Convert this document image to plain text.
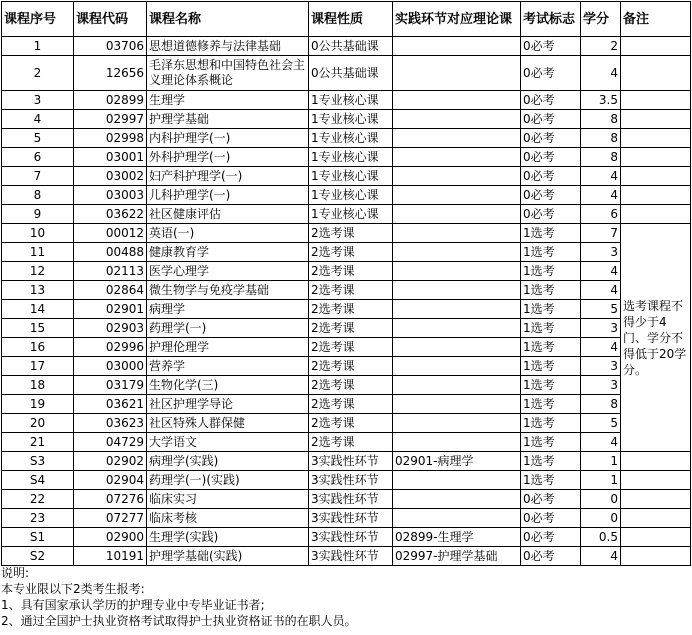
课程序号	课程代码	课程名称	课程性质	实践环节对应理论课	考试标志	学分	备注
1	03706	思想道德修养与法律基础	0公共基础课		0必考	2	
2	12656	毛泽东思想和中国特色社会主义理论体系概论	0公共基础课		0必考	4	
3	02899	生理学	1专业核心课		0必考	3.5	
4	02997	护理学基础	1专业核心课		0必考	8	
5	02998	内科护理学(一)	1专业核心课		0必考	8	
6	03001	外科护理学(一)	1专业核心课		0必考	8	
7	03002	妇产科护理学(一)	1专业核心课		0必考	4	
8	03003	儿科护理学(一)	1专业核心课		0必考	4	
9	03622	社区健康评估	1专业核心课		0必考	6	
10	00012	英语(一)	2选考课		1选考	7	选考课程不得少于4门、学分不得低于20学分。
11	00488	健康教育学	2选考课		1选考	3	
12	02113	医学心理学	2选考课		1选考	4	
13	02864	微生物学与免疫学基础	2选考课		1选考	4	
14	02901	病理学	2选考课		1选考	5	
15	02903	药理学(一)	2选考课		1选考	3	
16	02996	护理伦理学	2选考课		1选考	4	
17	03000	营养学	2选考课		1选考	3	
18	03179	生物化学(三)	2选考课		1选考	3	
19	03621	社区护理学导论	2选考课		1选考	8	
20	03623	社区特殊人群保健	2选考课		1选考	5	
21	04729	大学语文	2选考课		1选考	4	
S3	02902	病理学(实践)	3实践性环节	02901-病理学	1选考	1	
S4	02904	药理学(一)(实践)	3实践性环节		1选考	1	
22	07276	临床实习	3实践性环节		0必考	0	
23	07277	临床考核	3实践性环节		0必考	0	
S1	02900	生理学(实践)	3实践性环节	02899-生理学	0必考	0.5	
S2	10191	护理学基础(实践)	3实践性环节	02997-护理学基础	0必考	4	
说明:
本专业限以下2类考生报考:
1、具有国家承认学历的护理专业中专毕业证书者;
2、通过全国护士执业资格考试取得护士执业资格证书的在职人员。
